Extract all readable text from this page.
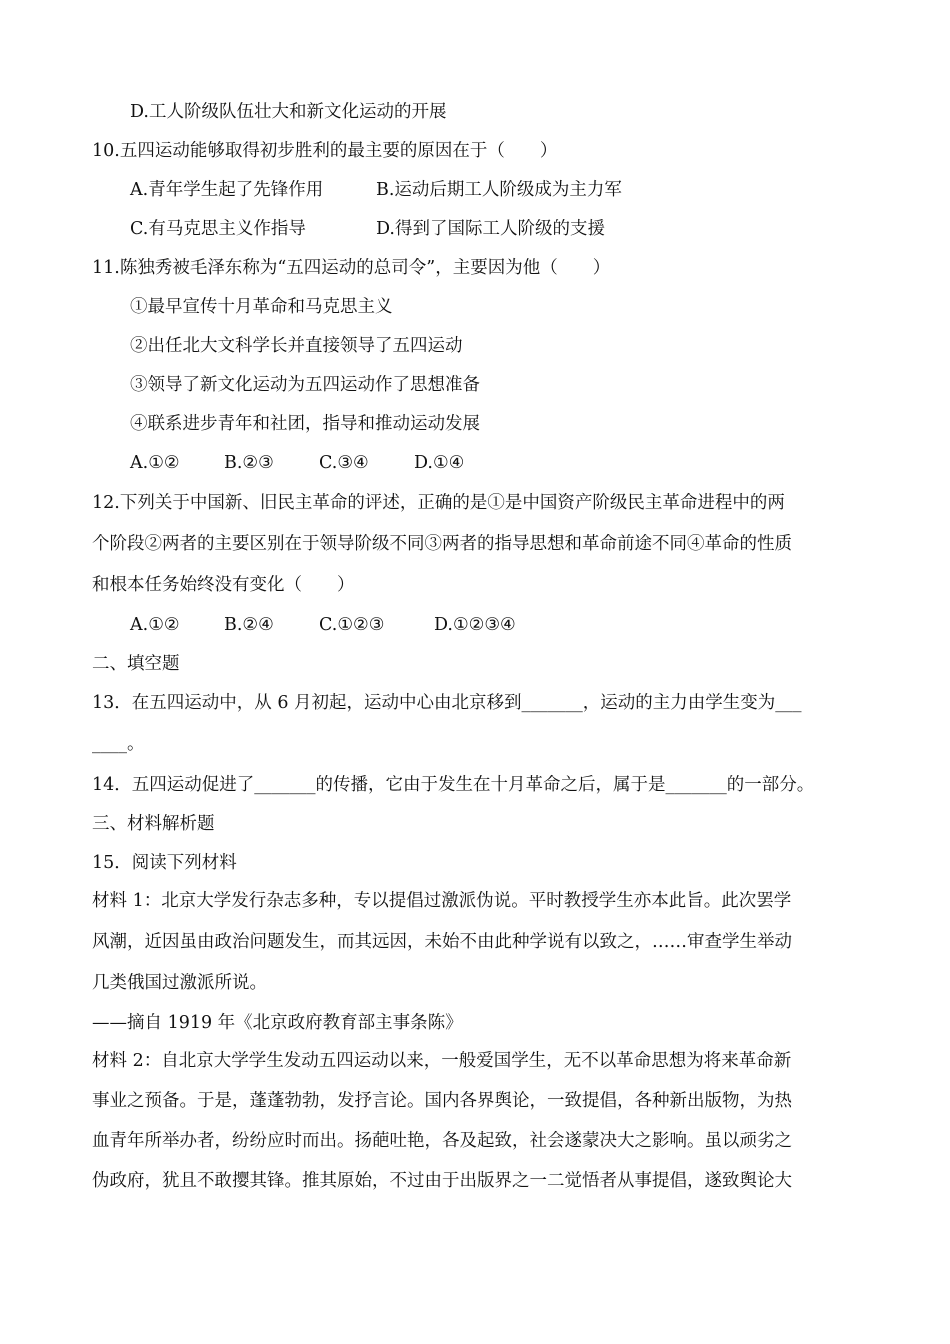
D.工人阶级队伍壮大和新文化运动的开展
10.五四运动能够取得初步胜利的最主要的原因在于（　　）
A.青年学生起了先锋作用	B.运动后期工人阶级成为主力军
C.有马克思主义作指导	D.得到了国际工人阶级的支援
11.陈独秀被毛泽东称为“五四运动的总司令”，主要因为他（　　）
①最早宣传十月革命和马克思主义
②出任北大文科学长并直接领导了五四运动
③领导了新文化运动为五四运动作了思想准备
④联系进步青年和社团，指导和推动运动发展
A.①②	B.②③	C.③④	D.①④
12.下列关于中国新、旧民主革命的评述，正确的是①是中国资产阶级民主革命进程中的两
个阶段②两者的主要区别在于领导阶级不同③两者的指导思想和革命前途不同④革命的性质
和根本任务始终没有变化（　　）
A.①②	B.②④	C.①②③	D.①②③④
二、填空题
13．在五四运动中，从 6 月初起，运动中心由北京移到_______，运动的主力由学生变为___
____。
14．五四运动促进了_______的传播，它由于发生在十月革命之后，属于是_______的一部分。
三、材料解析题
15．阅读下列材料
材料 1：北京大学发行杂志多种，专以提倡过激派伪说。平时教授学生亦本此旨。此次罢学
风潮，近因虽由政治问题发生，而其远因，未始不由此种学说有以致之，……审查学生举动
几类俄国过激派所说。
——摘自 1919 年《北京政府教育部主事条陈》
材料 2：自北京大学学生发动五四运动以来，一般爱国学生，无不以革命思想为将来革命新
事业之预备。于是，蓬蓬勃勃，发抒言论。国内各界舆论，一致提倡，各种新出版物，为热
血青年所举办者，纷纷应时而出。扬葩吐艳，各及起致，社会遂蒙决大之影响。虽以顽劣之
伪政府，犹且不敢撄其锋。推其原始，不过由于出版界之一二觉悟者从事提倡，遂致舆论大
